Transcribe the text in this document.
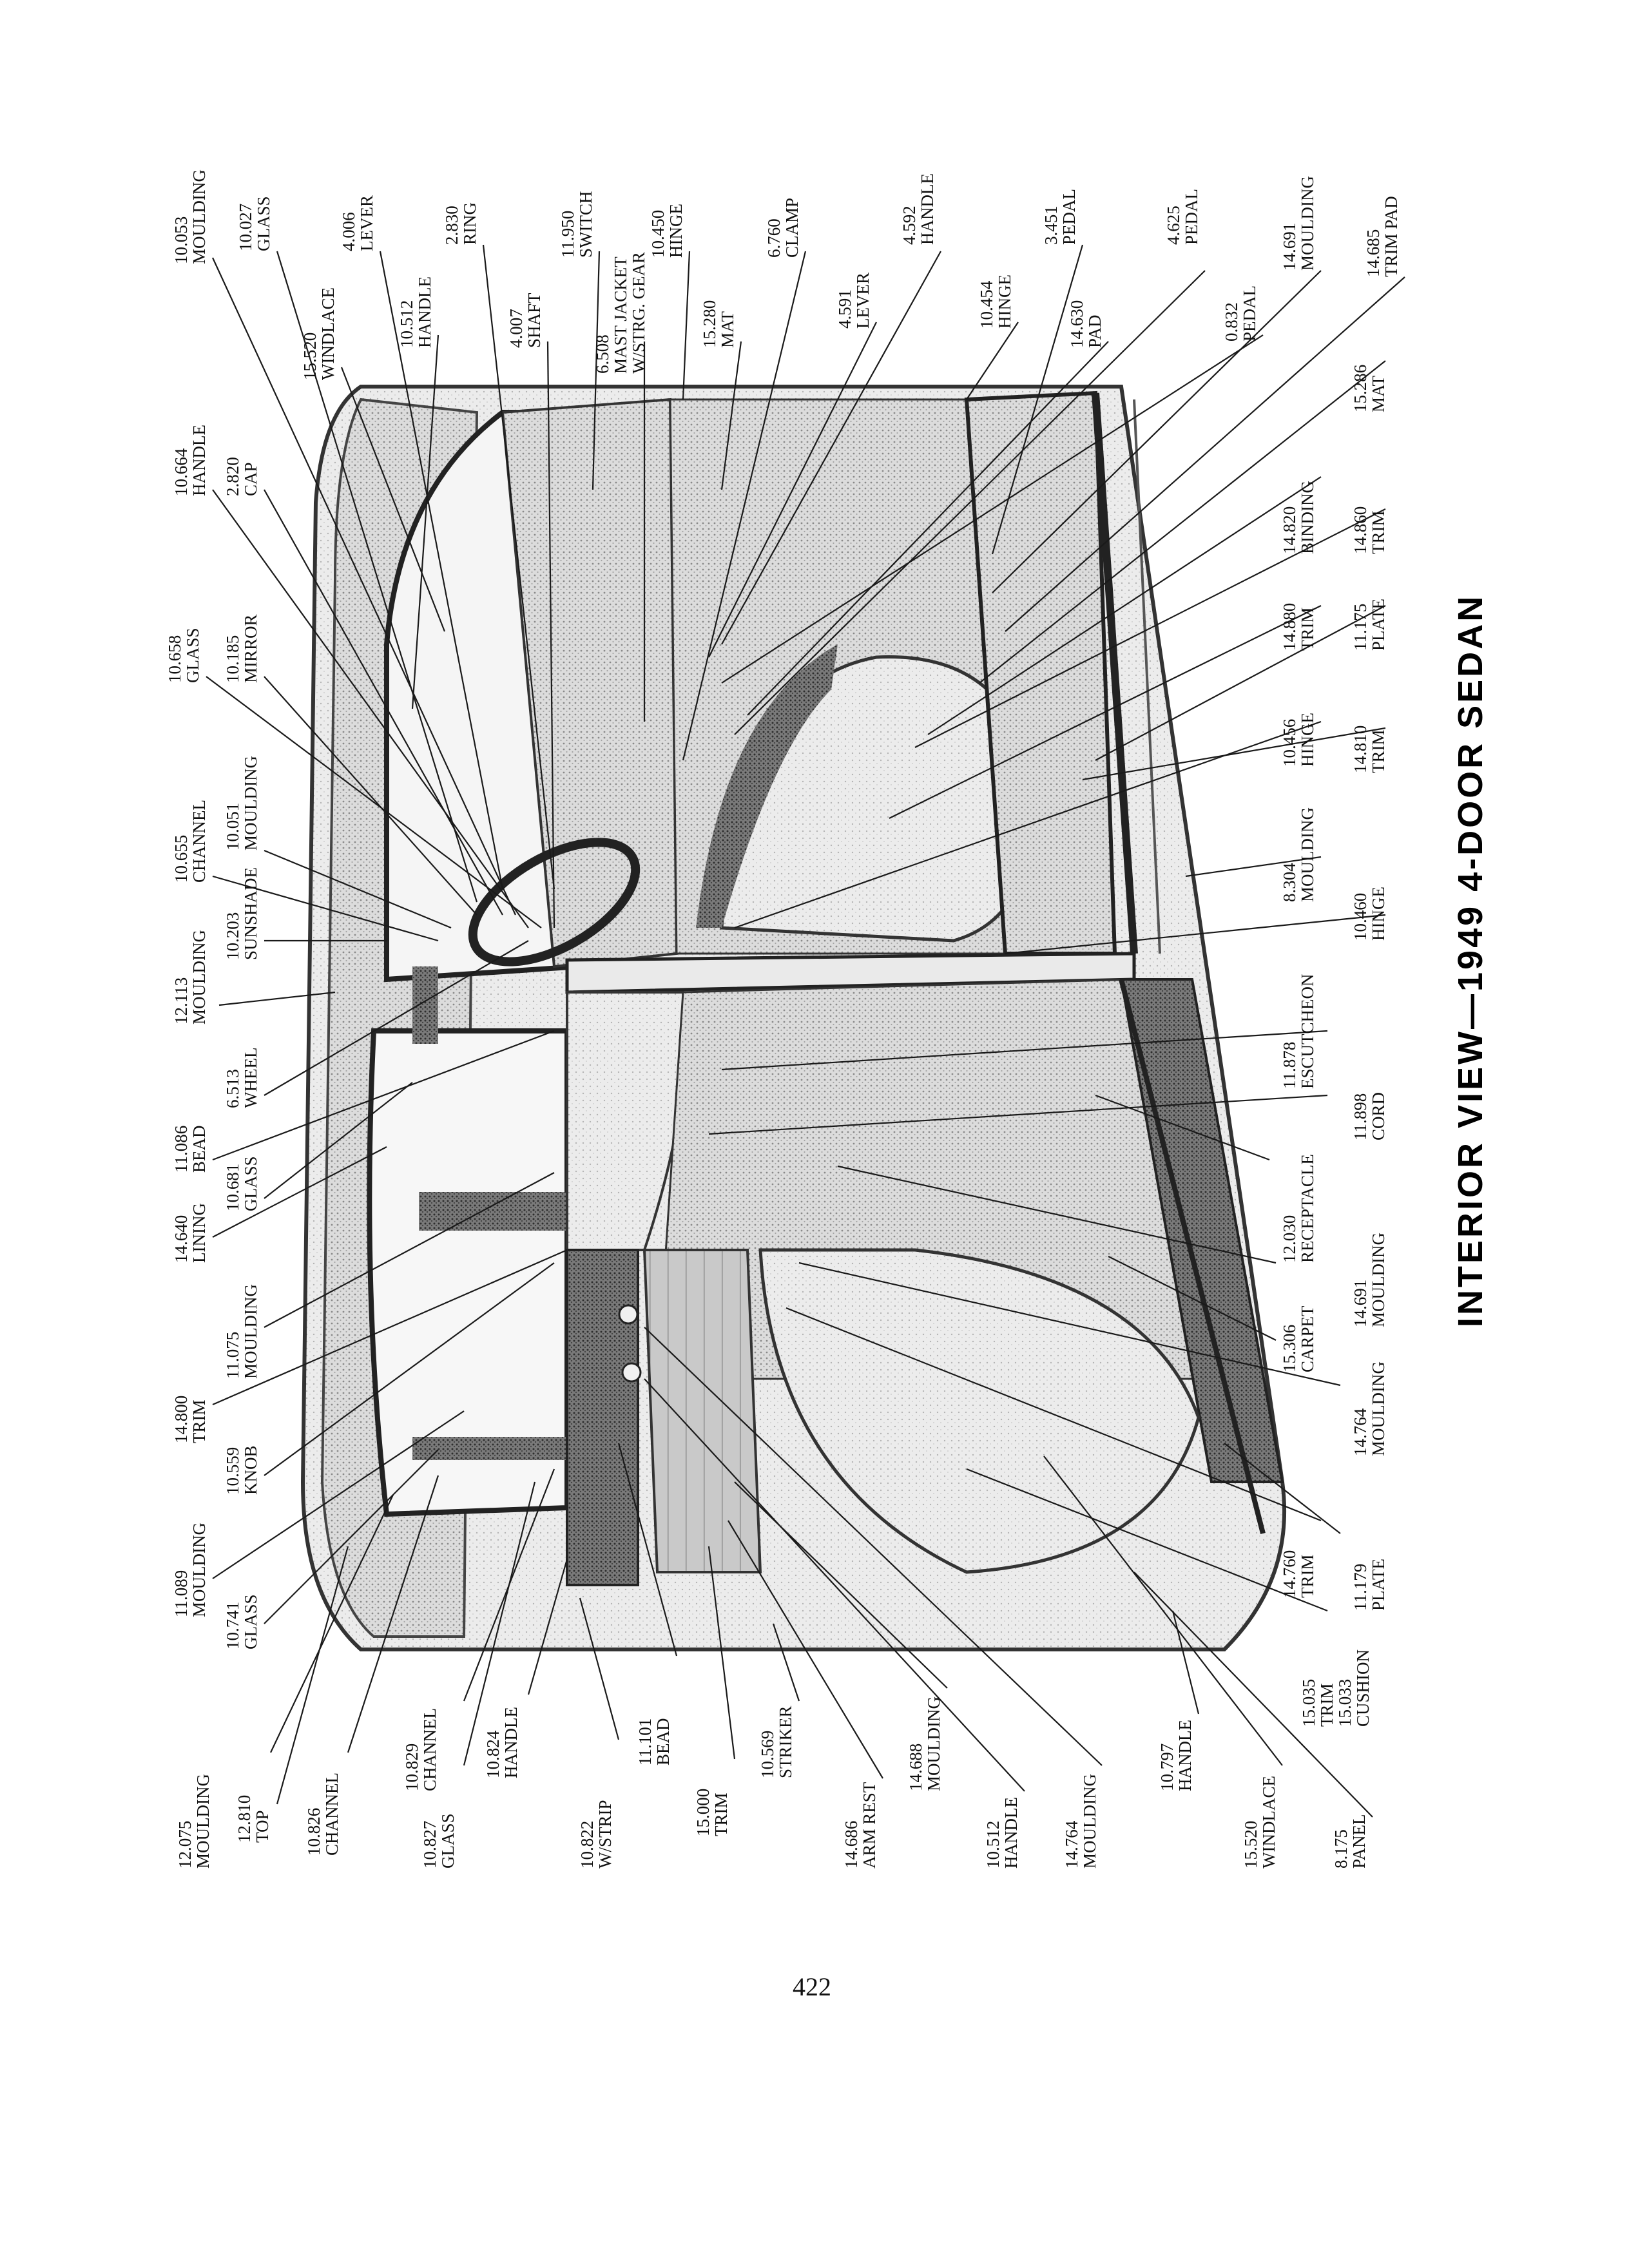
12.075MOULDING 12.810TOP 10.826CHANNEL	10.827GLASS
10.829CHANNEL	10.824HANDLE
10.822W/STRIP
11.101BEAD
15.000TRIM
10.569STRIKER
14.686ARM REST
14.688MOULDING
10.512HANDLE 14.764MOULDING
10.797HANDLE
15.520WINDLACE	8.175PANEL
15.035TRIM15.033CUSHION
14.760TRIM 11.179PLATE
14.764MOULDING
15.306CARPET
14.691MOULDING
12.030RECEPTACLE
11.898CORD
11.878ESCUTCHEON
10.460HINGE
8.304MOULDING
14.810TRIM
10.456HINGE
11.175PLATE
14.880TRIM
14.860TRIM
14.820BINDING
15.286MAT
14.685TRIM PAD
14.691MOULDING
0.832PEDAL
4.625PEDAL
14.630PAD
3.451PEDAL
10.454HINGE
4.592HANDLE
4.591LEVER
6.760CLAMP
15.280MAT
10.450HINGE
6.508MAST JACKETW/STRG. GEAR
11.950SWITCH
4.007SHAFT
2.830RING
10.512HANDLE
4.006LEVER
15.520WINDLACE
10.027GLASS
10.053MOULDING
2.820CAP
10.664HANDLE
10.185MIRROR
10.658GLASS
10.051MOULDING
10.655CHANNEL
10.203SUNSHADE
12.113MOULDING
6.513WHEEL
11.086BEAD
10.681GLASS
14.640LINING
11.075MOULDING
14.800TRIM
10.559KNOB
11.089MOULDING
10.741GLASS
INTERIOR VIEW—1949 4-DOOR SEDAN
422
